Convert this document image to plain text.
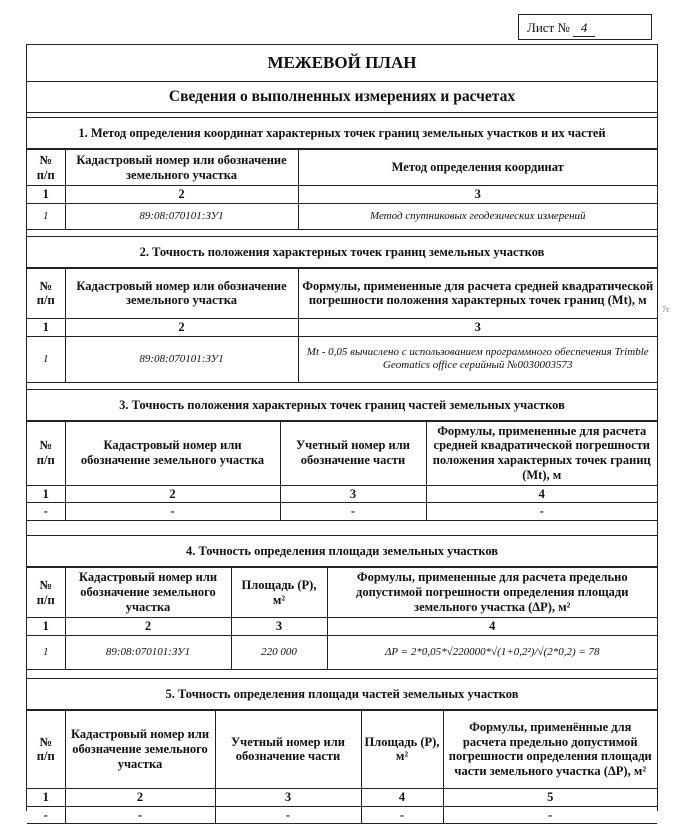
Лист № 4
7т
МЕЖЕВОЙ ПЛАН
Сведения о выполненных измерениях и расчетах
1. Метод определения координат характерных точек границ земельных участков и их частей
№
п/п	Кадастровый номер или обозначение земельного участка	Метод определения координат
1	2	3
1	89:08:070101:ЗУ1	Метод спутниковых геодезических измерений
2. Точность положения характерных точек границ земельных участков
№
п/п	Кадастровый номер или обозначение земельного участка	Формулы, примененные для расчета средней квадратической погрешности положения характерных точек границ (Mt), м
1	2	3
1	89:08:070101:ЗУ1	Mt - 0,05 вычислено с использованием программного обеспечения Trimble Geomatics office серийный №0030003573
3. Точность положения характерных точек границ частей земельных участков
№
п/п	Кадастровый номер или обозначение земельного участка	Учетный номер или обозначение части	Формулы, примененные для расчета средней квадратической погрешности положения характерных точек границ (Mt), м
1	2	3	4
-	-	-	-
4. Точность определения площади земельных участков
№
п/п	Кадастровый номер или обозначение земельного участка	Площадь (P), м²	Формулы, примененные для расчета предельно допустимой погрешности определения площади земельного участка (ΔP), м²
1	2	3	4
1	89:08:070101:ЗУ1	220 000	ΔP = 2*0,05*√220000*√(1+0,2²)/√(2*0,2) = 78
5. Точность определения площади частей земельных участков
№
п/п	Кадастровый номер или обозначение земельного участка	Учетный номер или обозначение части	Площадь (P), м²	Формулы, применённые для расчета предельно допустимой погрешности определения площади части земельного участка (ΔP), м²
1	2	3	4	5
-	-	-	-	-
